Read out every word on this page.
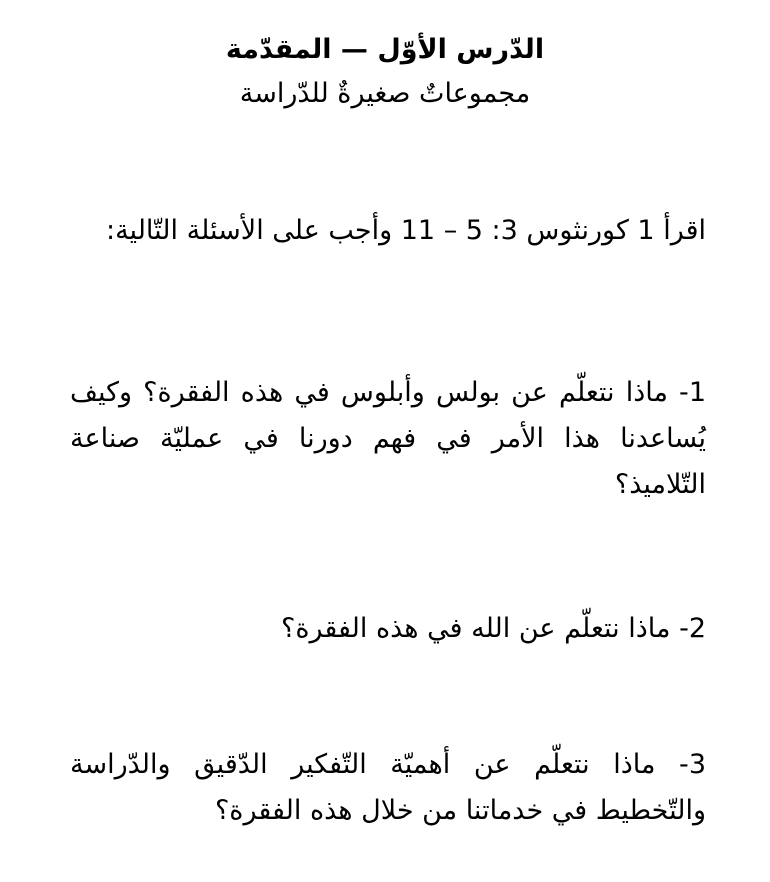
الدّرس الأوّل — المقدّمة

مجموعاتٌ صغيرةٌ للدّراسة

اقرأ 1 كورنثوس 3: 5 – 11 وأجب على الأسئلة التّالية:

1- ماذا نتعلّم عن بولس وأبلوس في هذه الفقرة؟ وكيف يُساعدنا هذا الأمر في فهم دورنا في عمليّة صناعة التّلاميذ؟

2- ماذا نتعلّم عن الله في هذه الفقرة؟

3- ماذا نتعلّم عن أهميّة التّفكير الدّقيق والدّراسة والتّخطيط في خدماتنا من خلال هذه الفقرة؟
